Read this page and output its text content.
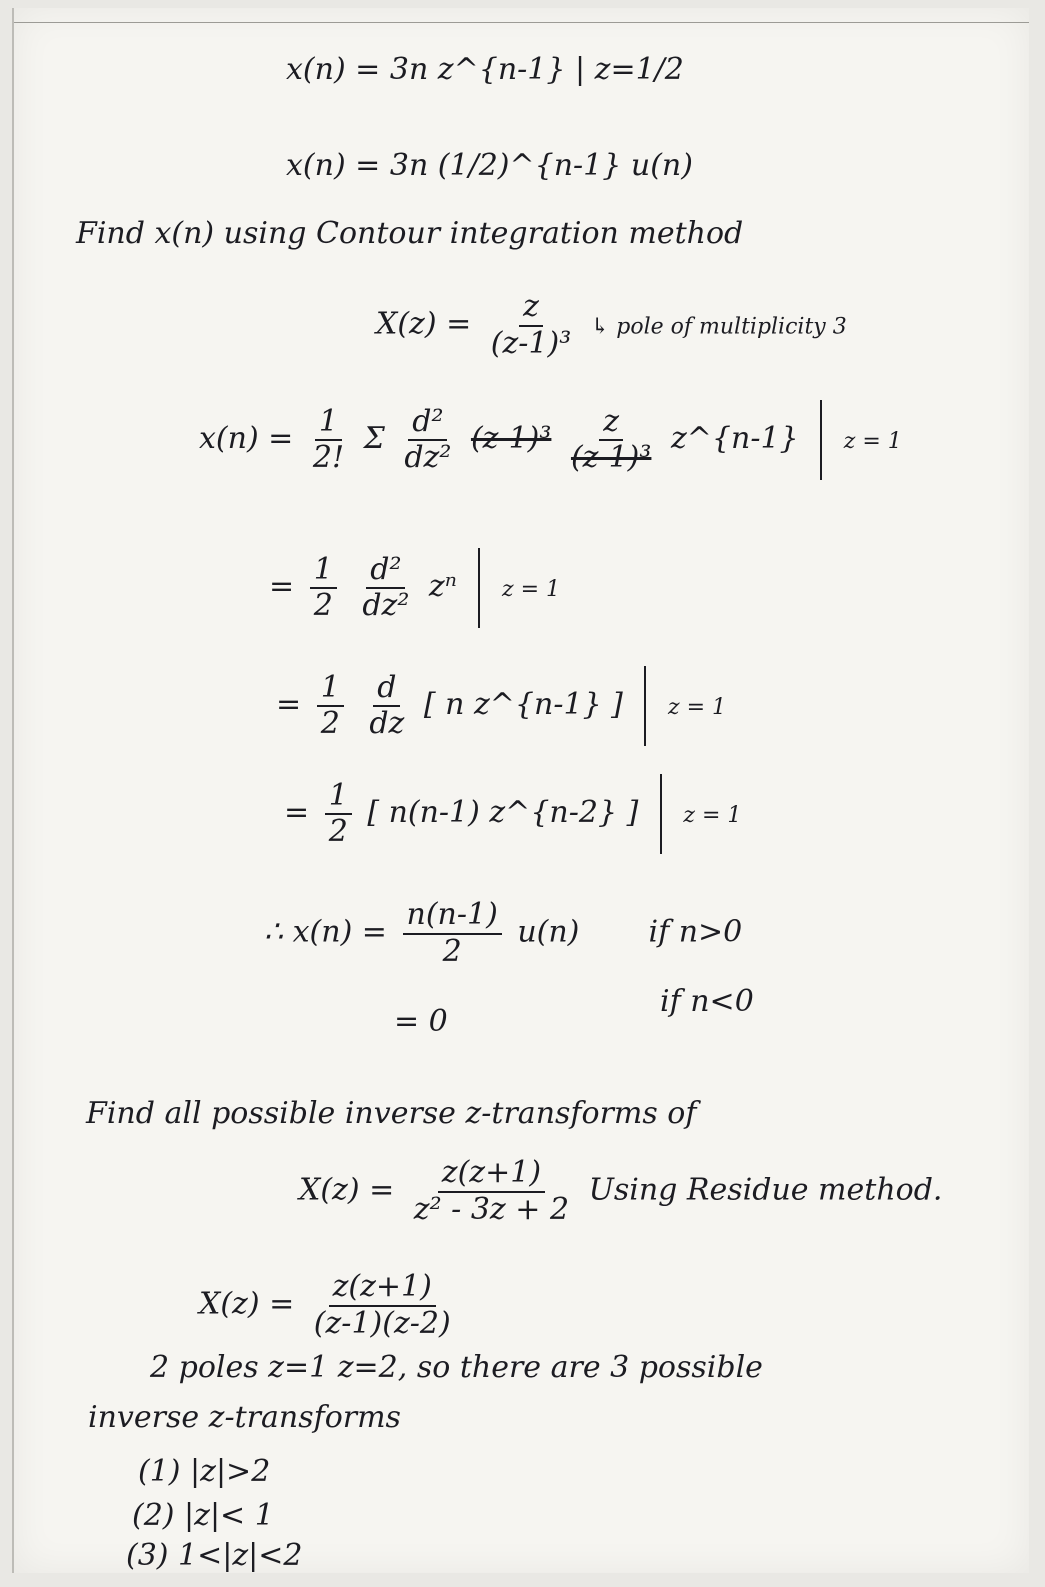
x(n) = 3n z^{n-1} | z=1/2
x(n) = 3n (1/2)^{n-1} u(n)
Find x(n) using Contour integration method
$X(z) = \frac{z}{\text{(z-1)³}}$ ↳ pole of multiplicity 3
$x(n) = \frac{1}{2!}$ Σ $\frac{\text{d²}}{\text{dz²}} (z-1)^3 \frac{z}{\text{(z-1)³}}$ z^{n-1} z = 1
= $\frac{1}{2}$
$\frac{\text{d²}}{\text{dz²}}$ zⁿ z = 1
= $\frac{1}{2}$
$\frac{d}{dz}$ [ n z^{n-1} ] z = 1
= $\frac{1}{2}$ [ n(n-1) z^{n-2} ] z = 1
∴ $x(n) = \frac{n(n-1)}{2} u(n)$ if n>0
= 0
if n<0
Find all possible inverse z-transforms of
$X(z) = \frac{z(z+1)}{\text{z² - 3z + 2}}$ Using Residue method.
$X(z) = \frac{z(z+1)}{(z-1)(z-2)}$
2 poles z=1 z=2, so there are 3 possible
inverse z-transforms
(1) |z|>2
(2) |z|< 1
(3) 1<|z|<2
